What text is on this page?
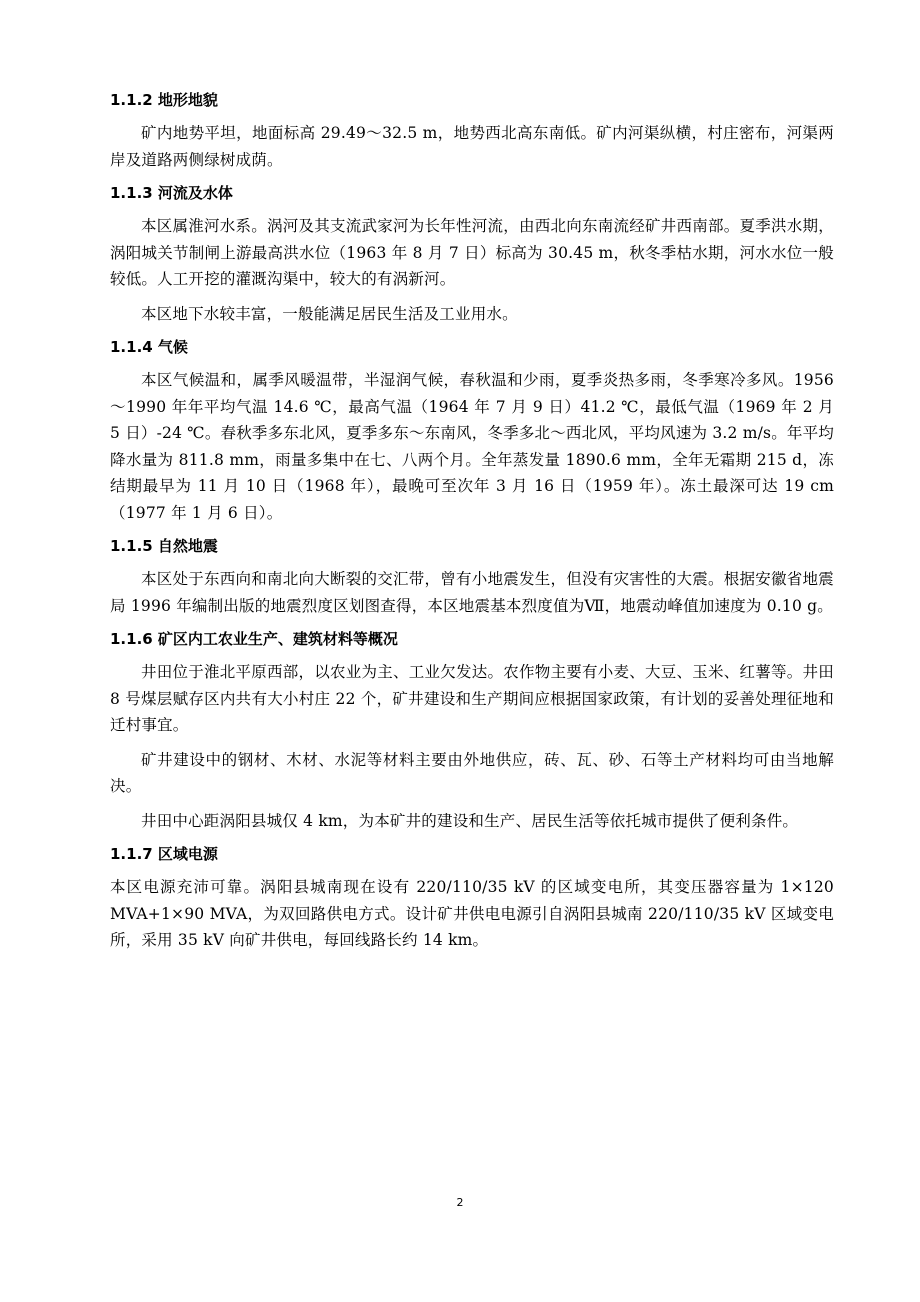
1.1.2 地形地貌

矿内地势平坦，地面标高 29.49～32.5 m，地势西北高东南低。矿内河渠纵横，村庄密布，河渠两岸及道路两侧绿树成荫。

1.1.3 河流及水体

本区属淮河水系。涡河及其支流武家河为长年性河流，由西北向东南流经矿井西南部。夏季洪水期，涡阳城关节制闸上游最高洪水位（1963 年 8 月 7 日）标高为 30.45 m，秋冬季枯水期，河水水位一般较低。人工开挖的灌溉沟渠中，较大的有涡新河。

本区地下水较丰富，一般能满足居民生活及工业用水。

1.1.4 气候

本区气候温和，属季风暖温带，半湿润气候，春秋温和少雨，夏季炎热多雨，冬季寒冷多风。1956～1990 年年平均气温 14.6 ℃，最高气温（1964 年 7 月 9 日）41.2 ℃，最低气温（1969 年 2 月 5 日）-24 ℃。春秋季多东北风，夏季多东～东南风，冬季多北～西北风，平均风速为 3.2 m/s。年平均降水量为 811.8 mm，雨量多集中在七、八两个月。全年蒸发量 1890.6 mm，全年无霜期 215 d，冻结期最早为 11 月 10 日（1968 年），最晚可至次年 3 月 16 日（1959 年）。冻土最深可达 19 cm（1977 年 1 月 6 日）。

1.1.5 自然地震

本区处于东西向和南北向大断裂的交汇带，曾有小地震发生，但没有灾害性的大震。根据安徽省地震局 1996 年编制出版的地震烈度区划图查得，本区地震基本烈度值为Ⅶ，地震动峰值加速度为 0.10 g。

1.1.6 矿区内工农业生产、建筑材料等概况

井田位于淮北平原西部，以农业为主、工业欠发达。农作物主要有小麦、大豆、玉米、红薯等。井田 8 号煤层赋存区内共有大小村庄 22 个，矿井建设和生产期间应根据国家政策，有计划的妥善处理征地和迁村事宜。

矿井建设中的钢材、木材、水泥等材料主要由外地供应，砖、瓦、砂、石等土产材料均可由当地解决。

井田中心距涡阳县城仅 4 km，为本矿井的建设和生产、居民生活等依托城市提供了便利条件。

1.1.7 区域电源

本区电源充沛可靠。涡阳县城南现在设有 220/110/35 kV 的区域变电所，其变压器容量为 1×120 MVA+1×90 MVA，为双回路供电方式。设计矿井供电电源引自涡阳县城南 220/110/35 kV 区域变电所，采用 35 kV 向矿井供电，每回线路长约 14 km。

2
